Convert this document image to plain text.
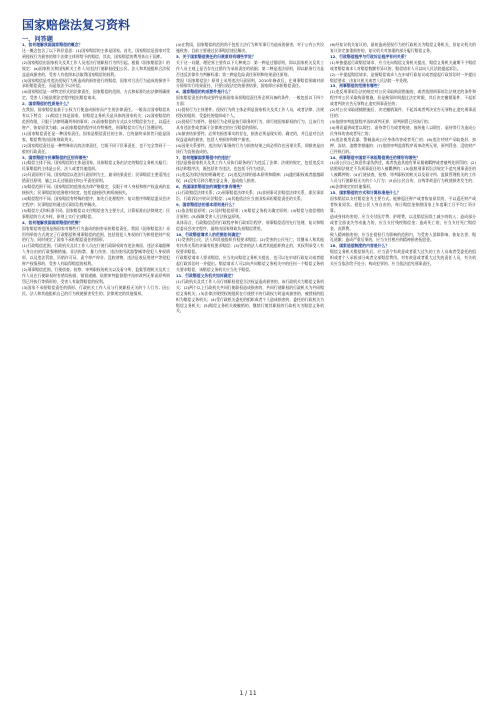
国家赔偿法复习资料
一、问答题

1、如何理解我国国家赔偿的概念？

这一概念包含了以下四层意思：(1)国家赔偿的主体是国家。首先，国家赔偿是国家对受到侵权行为损害的那个法律主体所给予的赔偿，其次，国家赔偿的费用来自于国库。

(2)国家赔偿由国家机关及其工作人员违法行使职权行为所引起。根据《国家赔偿法》的规定：(a)国家机关和国家机关工作人员违法行使职权侵犯公民、法人和其他组织合法权益造成损害的，受害人有依照本法取得国家赔偿的权利。

(3)国家赔偿是对违法侵权行为所造成的损害进行的赔偿，国家对合法行为造成的损害不承担赔偿责任，而是依法予以补偿。

(4)国家赔偿是一项特定形式的法律责任，国家赔偿的范围、方式和标准均由法律明确规定，受害人只能依照法定程序提出赔偿请求。

2、国家赔偿的性质是什么？

在我国，国家赔偿是基于公权力行使造成损害而产生的法律责任。一般而言国家赔偿具有以下特点：(1)赔偿主体是国家，但赔偿义务机关是具体的国家机关；(2)国家赔偿的范围有限，只限于法律明确列举的事项；(3)国家赔偿的方式以支付赔偿金为主，以返还财产、恢复原状为辅；(4)国家赔偿的程序具有特殊性，刑事赔偿实行先行处理原则。

(1)国家赔偿责任是一种国家责任。国家是赔偿责任的主体，它的最终承担者只能是国家，赔偿费用由国家财政列支。

(2)国家赔偿责任是一种特殊形式的法律责任，它既不同于民事责任，也不完全等同于一般的行政责任。

3、国家赔偿与民事赔偿的区别有哪些？

(1)赔偿主体不同。国家赔偿的主体是国家，具体赔偿义务由法定的赔偿义务机关履行；民事赔偿的主体是公民、法人或者其他组织。

(2)归责原则不同。国家赔偿以违法归责原则为主，兼采结果责任；民事赔偿主要适用过错责任原则，辅之以无过错责任和公平责任原则。

(3)赔偿范围不同。国家赔偿的范围由法律严格限定，仅限于对人身权和财产权造成的直接损失；民事赔偿的范围相对较宽，包括直接损失和间接损失。

(4)赔偿程序不同。国家赔偿有特殊的程序，如先行处理程序、复议程序和赔偿委员会决定程序；民事赔偿则通过民事诉讼程序解决。

(5)赔偿方式和标准不同。国家赔偿以支付赔偿金为主要方式，计算标准由法律规定；民事赔偿的方式多样，原则上实行全部赔偿。

4、如何理解我国国家赔偿的范围？

国家赔偿的范围是指国家对哪些行为造成的损害承担赔偿责任。我国《国家赔偿法》采用列举的方式规定了行政赔偿和刑事赔偿的范围，包括侵犯人身权的行为和侵犯财产权的行为，同时规定了国家不承担赔偿责任的情形。

(1)行政赔偿范围。行政机关及其工作人员在行使行政职权时有违法拘留、违法采取限制人身自由的行政强制措施、非法拘禁、暴力伤害、违法使用武器警械等侵犯人身权情形，以及违法罚款、吊销许可证、责令停产停业、没收财物、违法征收征用财产等侵犯财产权情形的，受害人有取得赔偿的权利。

(2)刑事赔偿范围。行使侦查、检察、审判职权的机关以及看守所、监狱管理机关及其工作人员在行使职权时有错误拘留、错误逮捕、依照审判监督程序再审改判无罪而原判刑罚已经执行等情形的，受害人有取得赔偿的权利。

(3)国家不承担赔偿责任的情形。行政机关工作人员与行使职权无关的个人行为；因公民、法人和其他组织自己的行为致使损害发生的；法律规定的其他情形。

(4)在我国，国家赔偿的范围尚不包括立法行为和军事行为造成的损害，对于公有公共设施致害，目前主要通过民事赔偿途径解决。

5、关于国家赔偿责任的归责原则有哪些学说？

关于这一问题，理论界主要有以下几种观点：第一种是过错原则，即以国家机关及其工作人员主观上是否存在过错作为承担责任的依据；第二种是违法原则，即以职务行为是否违反法律作为判断标准；第三种是危险责任原则和结果责任原则。

我国《国家赔偿法》原则上采用违法归责原则，2010年修改后，在刑事赔偿领域对部分情形实行结果责任，只要出现法定的损害结果，国家即应承担赔偿责任。

6、国家赔偿的构成要件是什么？

国家赔偿责任的构成要件是指国家承担赔偿责任所必须具备的条件，一般包括以下四个方面：

(1)侵权行为主体要件。侵权行为的主体必须是国家机关及其工作人员，或者法律、法规授权的组织、受委托的组织或个人。

(2)侵权行为要件。侵权行为必须是执行职务的行为，即行使国家职权的行为，且该行为具有违法性或者属于法律规定的应当赔偿的情形。

(3)损害结果要件。必须有损害事实的存在，损害必须是现实的、确定的，并且是对合法权益造成的损害，包括人身损害和财产损害。

(4)因果关系要件。违法执行职务的行为与损害结果之间必须存在因果关系，即损害是由该行为直接造成的。

7、如何理解国家赔偿中的违法？

违法是指国家机关及其工作人员执行职务的行为违反了法律、法规的规定，包括违反实体法和程序法，既包括作为违法，也包括不作为违法。

(1)违反法律法规的明确规定；(2)违反法律的基本原则和精神；(3)滥用职权或者超越职权；(4)没有尽到合理注意义务，造成他人损害。

8、我国国家赔偿法的调整对象有哪些？

(1)行政赔偿法律关系；(2)刑事赔偿法律关系；(3)非刑事司法赔偿法律关系，即民事诉讼、行政诉讼中的司法赔偿；(4)其他依法应当由国家承担赔偿责任的关系。

9、国家赔偿法的基本原则是什么？

(1)依法赔偿原则；(2)及时赔偿原则；(3)赔偿义务机关确定原则；(4)赔偿与追偿相结合原则；(5)保障受害人合法权益原则。

具体而言，行政赔偿适用行政程序和行政诉讼程序，刑事赔偿适用先行处理、复议和赔偿委员会决定程序，最终由国家财政负担赔偿费用。

10、行政赔偿请求人的范围如何确定？

(1)受害的公民、法人和其他组织有权要求赔偿；(2)受害的公民死亡，其继承人和其他有扶养关系的亲属有权要求赔偿；(3)受害的法人或者其他组织终止的，其权利承受人有权要求赔偿。

行政赔偿请求人要求赔偿，应当先向赔偿义务机关提出，也可以在申请行政复议或者提起行政诉讼时一并提出。赔偿请求人可以向共同赔偿义务机关中的任何一个赔偿义务机关要求赔偿，该赔偿义务机关应当先予赔偿。

11、行政赔偿义务机关如何确定？

(1)行政机关及其工作人员行使职权侵犯合法权益造成损害的，该行政机关为赔偿义务机关；(2)两个以上行政机关共同行使职权造成损害的，共同行使职权的行政机关为共同赔偿义务机关；(3)法律法规授权的组织在行使授予的行政权力时造成损害的，被授权的组织为赔偿义务机关；(4)受行政机关委托的组织或者个人造成损害的，委托的行政机关为赔偿义务机关；(5)赔偿义务机关被撤销的，继续行使其职权的行政机关为赔偿义务机关。

(6)经复议机关复议的，最初造成侵权行为的行政机关为赔偿义务机关，但复议机关的复议决定加重损害的，复议机关对加重的部分履行赔偿义务。

12、行政赔偿程序与行政诉讼程序有何关系？

(1)单独提起行政赔偿请求，应当先向赔偿义务机关提出，赔偿义务机关逾期不予赔偿或者赔偿请求人对赔偿数额有异议的，赔偿请求人可以向人民法院提起诉讼。

(2)一并提起赔偿请求，是指赔偿请求人在申请行政复议或者提起行政诉讼时一并提出赔偿要求，由复议机关或者人民法院一并处理。

13、刑事赔偿的范围有哪些？

(1)违反刑事诉讼法的规定对公民采取拘留措施的，或者依照刑事诉讼法规定的条件和程序对公民采取拘留措施，但是拘留时间超过法定时限，其后决定撤销案件、不起诉或者判决宣告无罪终止追究刑事责任的；

(2)对公民采取逮捕措施后，决定撤销案件、不起诉或者判决宣告无罪终止追究刑事责任的；

(3)依照审判监督程序再审改判无罪，原判刑罚已经执行的；

(4)刑讯逼供或者以殴打、虐待等行为或者唆使、放纵他人以殴打、虐待等行为造成公民身体伤害或者死亡的；

(5)违法使用武器、警械造成公民身体伤害或者死亡的；(6)违法对财产采取查封、扣押、冻结、追缴等措施的；(7)依照审判监督程序再审改判无罪，原判罚金、没收财产已经执行的。

14、刑事赔偿中国家不承担赔偿责任的情形有哪些？

(1)因公民自己故意作虚伪供述，或者伪造其他有罪证据被羁押或者被判处刑罚的；(2)依照刑法规定不负刑事责任的人被羁押的；(3)依照刑事诉讼法规定不追究刑事责任的人被羁押的；(4)行使侦查、检察、审判职权的机关以及看守所、监狱管理机关的工作人员与行使职权无关的个人行为；(5)因公民自伤、自残等故意行为致使损害发生的；(6)法律规定的其他情形。

15、国家赔偿的方式和计算标准是什么？

国家赔偿以支付赔偿金为主要方式。能够返还财产或者恢复原状的，予以返还财产或者恢复原状。侵犯公民人身自由的，每日赔偿金按照国家上年度职工日平均工资计算。

造成身体伤害的，应当支付医疗费、护理费，以及赔偿因误工减少的收入；造成部分或者全部丧失劳动能力的，应当支付残疾赔偿金；造成死亡的，应当支付死亡赔偿金、丧葬费。

致人精神损害的，应当在侵权行为影响的范围内，为受害人消除影响、恢复名誉、赔礼道歉；造成严重后果的，应当支付相应的精神损害抚慰金。

16、国家追偿制度的内容是什么？

赔偿义务机关赔偿损失后，应当责令有故意或者重大过失的工作人员或者受委托的组织或者个人承担部分或者全部赔偿费用。对有故意或者重大过失的责任人员，有关机关应当依法给予处分；构成犯罪的，应当依法追究刑事责任。

1 / 11
